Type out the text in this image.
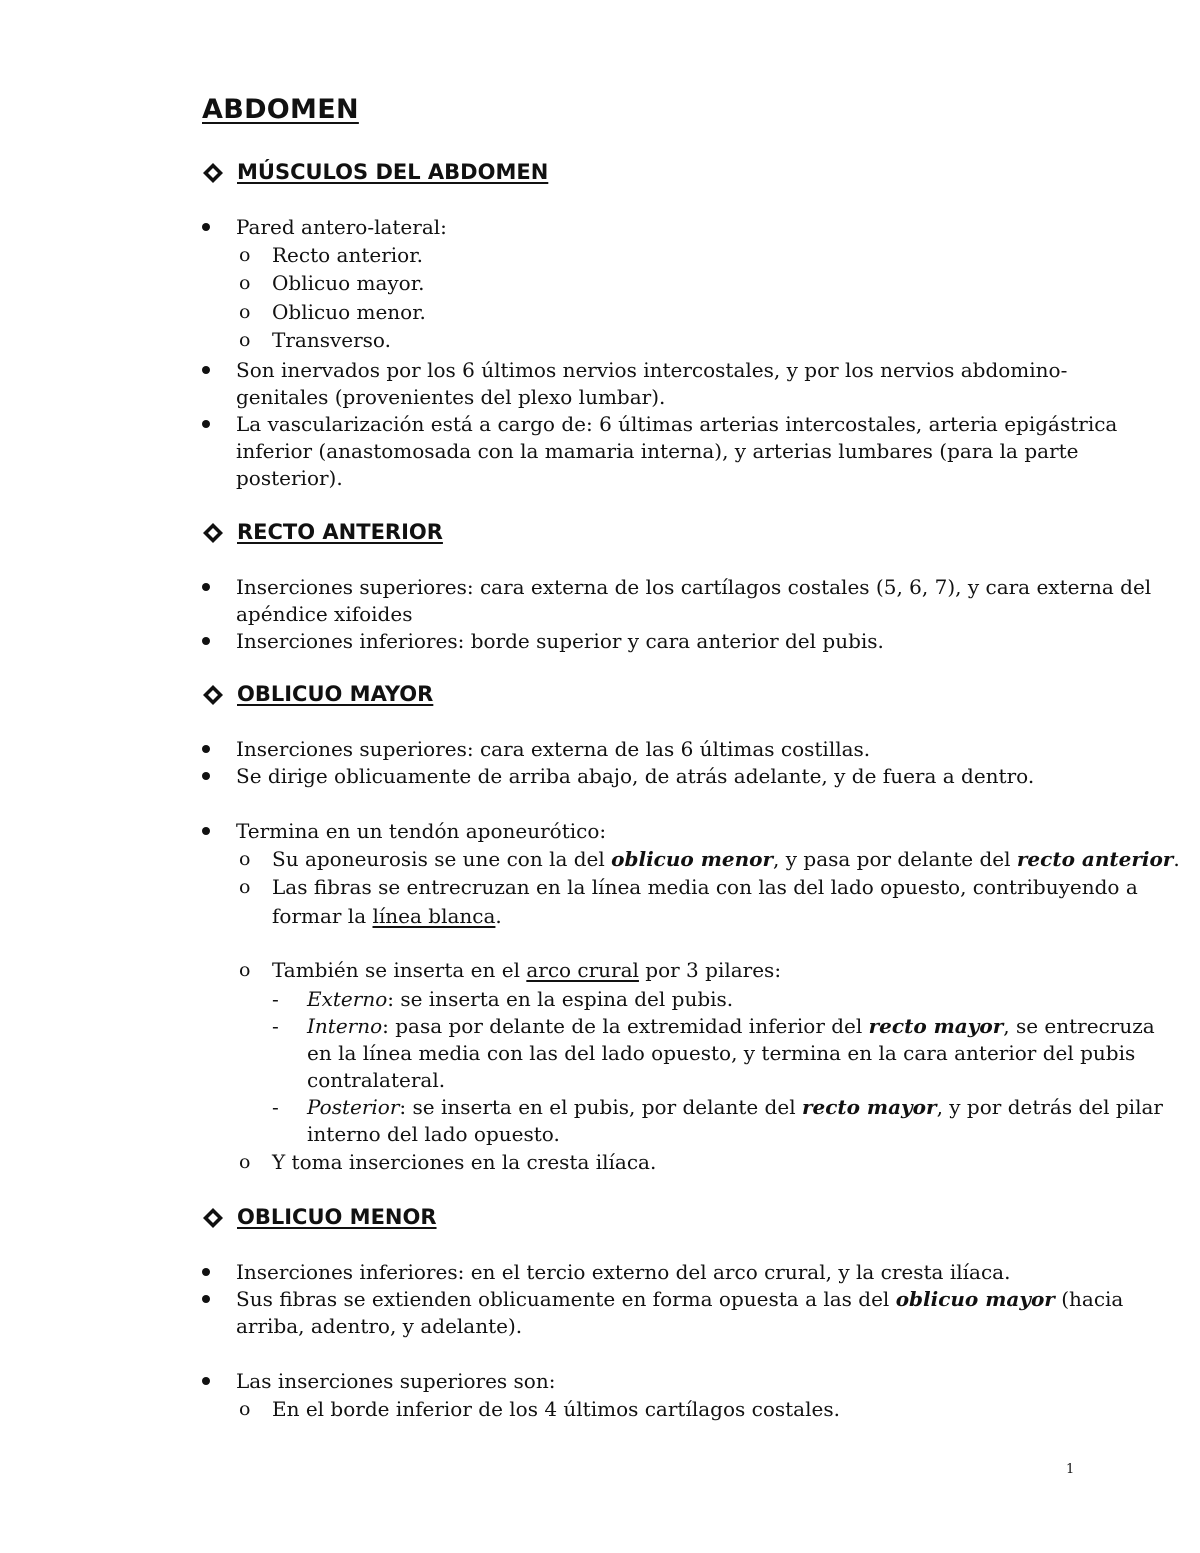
ABDOMEN
MÚSCULOS DEL ABDOMEN
Pared antero-lateral:
o Recto anterior.
o Oblicuo mayor.
o Oblicuo menor.
o Transverso.
Son inervados por los 6 últimos nervios intercostales, y por los nervios abdomino-
genitales (provenientes del plexo lumbar).
La vascularización está a cargo de: 6 últimas arterias intercostales, arteria epigástrica
inferior (anastomosada con la mamaria interna), y arterias lumbares (para la parte
posterior).
RECTO ANTERIOR
Inserciones superiores: cara externa de los cartílagos costales (5, 6, 7), y cara externa del
apéndice xifoides
Inserciones inferiores: borde superior y cara anterior del pubis.
OBLICUO MAYOR
Inserciones superiores: cara externa de las 6 últimas costillas.
Se dirige oblicuamente de arriba abajo, de atrás adelante, y de fuera a dentro.
Termina en un tendón aponeurótico:
o Su aponeurosis se une con la del oblicuo menor, y pasa por delante del recto anterior.
o Las fibras se entrecruzan en la línea media con las del lado opuesto, contribuyendo a
formar la línea blanca.
o También se inserta en el arco crural por 3 pilares:
- Externo: se inserta en la espina del pubis.
- Interno: pasa por delante de la extremidad inferior del recto mayor, se entrecruza
en la línea media con las del lado opuesto, y termina en la cara anterior del pubis
contralateral.
- Posterior: se inserta en el pubis, por delante del recto mayor, y por detrás del pilar
interno del lado opuesto.
o Y toma inserciones en la cresta ilíaca.
OBLICUO MENOR
Inserciones inferiores: en el tercio externo del arco crural, y la cresta ilíaca.
Sus fibras se extienden oblicuamente en forma opuesta a las del oblicuo mayor (hacia
arriba, adentro, y adelante).
Las inserciones superiores son:
o En el borde inferior de los 4 últimos cartílagos costales.
1
